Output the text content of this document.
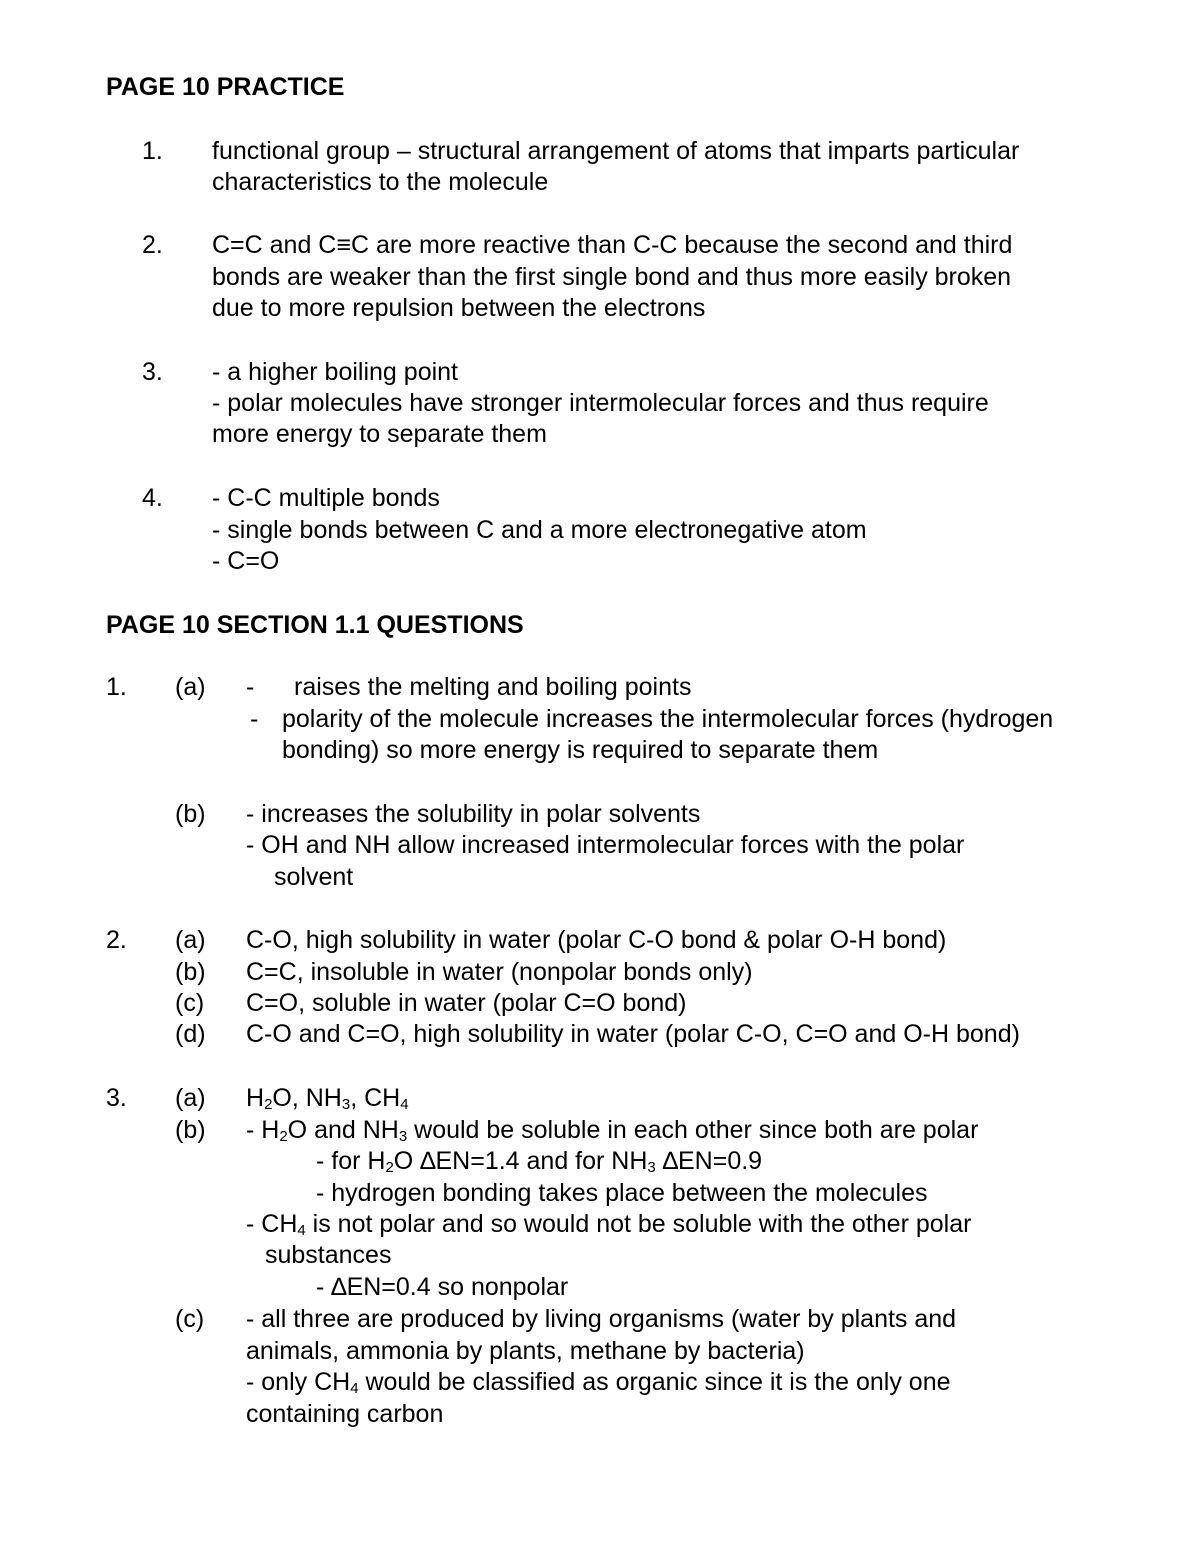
PAGE 10 PRACTICE
1. functional group – structural arrangement of atoms that imparts particular
characteristics to the molecule
2. C=C and C≡C are more reactive than C-C because the second and third
bonds are weaker than the first single bond and thus more easily broken
due to more repulsion between the electrons
3. - a higher boiling point
- polar molecules have stronger intermolecular forces and thus require
more energy to separate them
4. - C-C multiple bonds
- single bonds between C and a more electronegative atom
- C=O
PAGE 10 SECTION 1.1 QUESTIONS
1. (a) - raises the melting and boiling points
- polarity of the molecule increases the intermolecular forces (hydrogen
bonding) so more energy is required to separate them
(b) - increases the solubility in polar solvents
- OH and NH allow increased intermolecular forces with the polar
solvent
2. (a) C-O, high solubility in water (polar C-O bond & polar O-H bond)
(b) C=C, insoluble in water (nonpolar bonds only)
(c) C=O, soluble in water (polar C=O bond)
(d) C-O and C=O, high solubility in water (polar C-O, C=O and O-H bond)
3. (a) $H_2O$, $NH_3$, $CH_4$
$(b) - H_2O$ and $NH_3$ would be soluble in each other since both are polar
- for $H_2O$ ∆EN=1.4 and for $NH_3$ ∆EN=0.9
- hydrogen bonding takes place between the molecules
- $CH_4$ is not polar and so would not be soluble with the other polar
substances
- ∆EN=0.4 so nonpolar
(c) - all three are produced by living organisms (water by plants and
animals, ammonia by plants, methane by bacteria)
- only $CH_4$ would be classified as organic since it is the only one
containing carbon
